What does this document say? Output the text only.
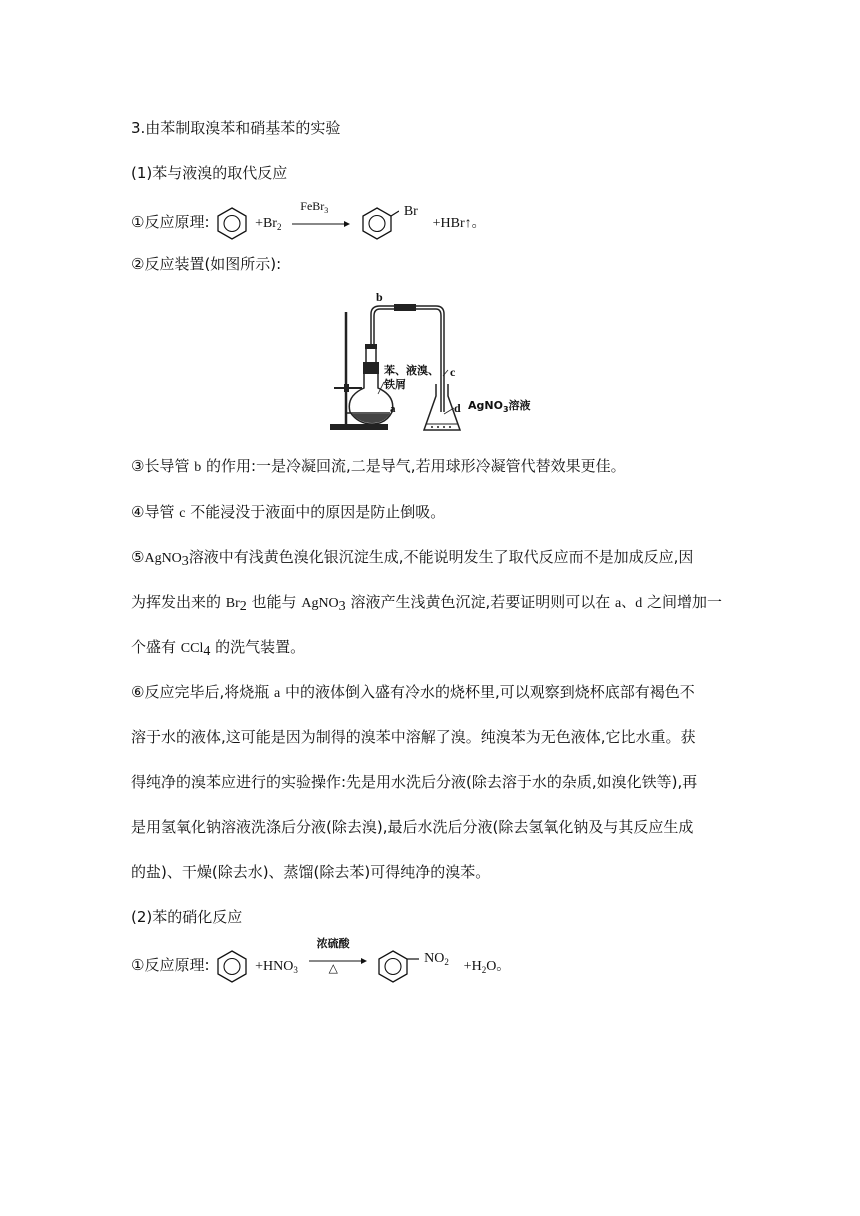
3.由苯制取溴苯和硝基苯的实验
(1)苯与液溴的取代反应
①反应原理:	$+Br_2$
FeBr$_3$	Br +HBr↑。
②反应装置(如图所示):
b
苯、液溴、
铁屑
c
a	d AgNO$_3$溶液
③长导管 b 的作用:一是冷凝回流,二是导气,若用球形冷凝管代替效果更佳。
④导管 c 不能浸没于液面中的原因是防止倒吸。
⑤AgNO$_3$溶液中有浅黄色溴化银沉淀生成,不能说明发生了取代反应而不是加成反应,因
为挥发出来的 $Br_2$ 也能与 AgNO$_3$ 溶液产生浅黄色沉淀,若要证明则可以在 a、d 之间增加一
个盛有 CCl$_4$ 的洗气装置。
⑥反应完毕后,将烧瓶 a 中的液体倒入盛有冷水的烧杯里,可以观察到烧杯底部有褐色不
溶于水的液体,这可能是因为制得的溴苯中溶解了溴。纯溴苯为无色液体,它比水重。获
得纯净的溴苯应进行的实验操作:先是用水洗后分液(除去溶于水的杂质,如溴化铁等),再
是用氢氧化钠溶液洗涤后分液(除去溴),最后水洗后分液(除去氢氧化钠及与其反应生成
的盐)、干燥(除去水)、蒸馏(除去苯)可得纯净的溴苯。
(2)苯的硝化反应
①反应原理:	$+HNO_3$
浓硫酸
△
$NO_2 +H_2O$。
